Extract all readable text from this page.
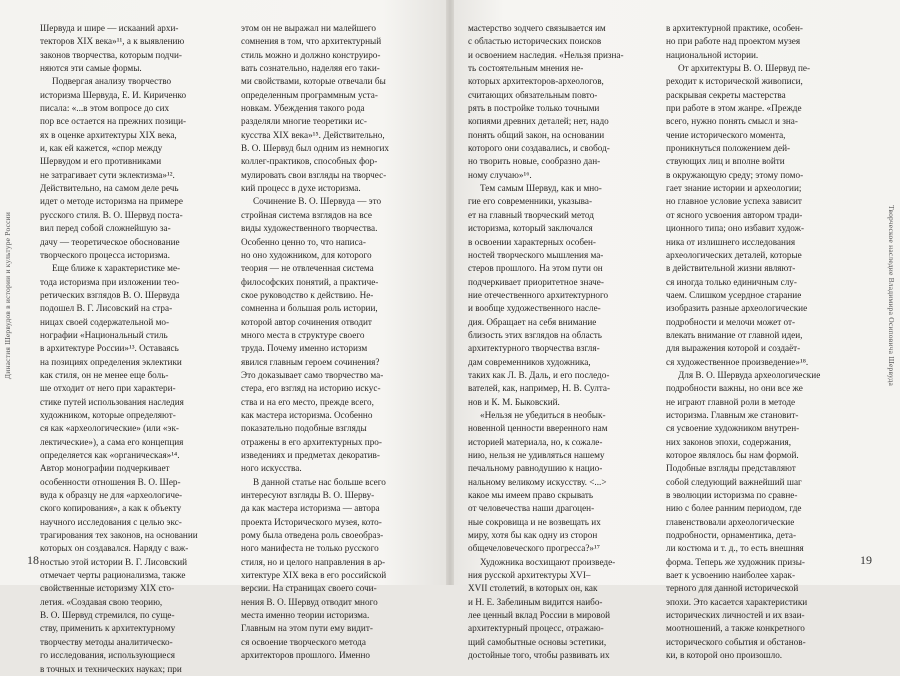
Династия Шервудов в истории и культуре России
Шервуда и шире — искаaний архи-
текторов XIX века»¹¹, а к выявлению
законов творчества, которым подчи-
няются эти самые формы.
Подвергая анализу творчество
историзма Шервуда, Е. И. Кириченко
писала: «...в этом вопросе до сих
пор все остается на прежних позици-
ях в оценке архитектуры XIX века,
и, как ей кажется, «спор между
Шервудом и его противниками
не затрагивает сути эклектизма»¹².
Действительно, на самом деле речь
идет о методе историзма на примере
русского стиля. В. О. Шервуд поста-
вил перед собой сложнейшую за-
дачу — теоретическое обоснование
творческого процесса историзма.
Еще ближе к характеристике ме-
тода историзма при изложении тео-
ретических взглядов В. О. Шервуда
подошел В. Г. Лисовский на стра-
ницах своей содержательной мо-
нографии «Национальный стиль
в архитектуре России»¹³. Оставаясь
на позициях определения эклектики
как стиля, он не менее еще боль-
ше отходит от него при характери-
стике путей использования наследия
художником, которые определяют-
ся как «археологические» (или «эк-
лектические»), а сама его концепция
определяется как «органическая»¹⁴.
Автор монографии подчеркивает
особенности отношения В. О. Шер-
вуда к образцу не для «археологиче-
ского копирования», а как к объекту
научного исследования с целью экс-
трагирования тех законов, на основании
которых он создавался. Наряду с важ-
ностью этой истории В. Г. Лисовский
отмечает черты рационализма, также
свойственные историзму XIX сто-
летия. «Создавая свою теорию,
В. О. Шервуд стремился, по суще-
ству, применить к архитектурному
творчеству методы аналитическо-
го исследования, использующиеся
в точных и технических науках; при
этом он не выражал ни малейшего
сомнения в том, что архитектурный
стиль можно и должно конструиро-
вать сознательно, наделяя его таки-
ми свойствами, которые отвечали бы
определенным программным уста-
новкам. Убеждения такого рода
разделяли многие теоретики ис-
кусства XIX века»¹⁵. Действительно,
В. О. Шервуд был одним из немногих
коллег-практиков, способных фор-
мулировать свои взгляды на творчес-
кий процесс в духе историзма.
Сочинение В. О. Шервуда — это
стройная система взглядов на все
виды художественного творчества.
Особенно ценно то, что написа-
но оно художником, для которого
теория — не отвлеченная система
философских понятий, а практиче-
ское руководство к действию. Не-
сомненна и большая роль истории,
которой автор сочинения отводит
много места в структуре своего
труда. Почему именно историзм
явился главным героем сочинения?
Это доказывает само творчество ма-
стера, его взгляд на историю искус-
ства и на его место, прежде всего,
как мастера историзма. Особенно
показательно подобные взгляды
отражены в его архитектурных про-
изведениях и предметах декоратив-
ного искусства.
В данной статье нас больше всего
интересуют взгляды В. О. Шерву-
да как мастера историзма — автора
проекта Исторического музея, кото-
рому была отведена роль своеобраз-
ного манифеста не только русского
стиля, но и целого направления в ар-
хитектуре XIX века в его российской
версии. На страницах своего сочи-
нения В. О. Шервуд отводит много
места именно теории историзма.
Главным на этом пути ему видит-
ся освоение творческого метода
архитекторов прошлого. Именно
18
мастерство зодчего связывается им
с областью исторических поисков
и освоением наследия. «Нельзя призна-
ть состоятельным мнения не-
которых архитекторов-археологов,
считающих обязательным повто-
рять в постройке только точными
копиями древних деталей; нет, надо
понять общий закон, на основании
которого они создавались, и свобод-
но творить новые, сообразно дан-
ному случаю»¹⁶.
Тем самым Шервуд, как и мно-
гие его современники, указыва-
ет на главный творческий метод
историзма, который заключался
в освоении характерных особен-
ностей творческого мышления ма-
стеров прошлого. На этом пути он
подчеркивает приоритетное значе-
ние отечественного архитектурного
и вообще художественного насле-
дия. Обращает на себя внимание
близость этих взглядов на область
архитектурного творчества взгля-
дам современников художника,
таких как Л. В. Даль, и его последо-
вателей, как, например, Н. В. Султа-
нов и К. М. Быковский.
«Нельзя не убедиться в необык-
новенной ценности вверенного нам
историей материала, но, к сожале-
нию, нельзя не удивляться нашему
печальному равнодушию к нацио-
нальному великому искусству. <...>
какое мы имеем право скрывать
от человечества наши драгоцен-
ные сокровища и не возвещать их
миру, хотя бы как одну из сторон
общечеловеческого прогресса?»¹⁷
Художника восхищают произведе-
ния русской архитектуры XVI–
XVII столетий, в которых он, как
и Н. Е. Забелиным видится наибо-
лее ценный вклад России в мировой
архитектурный процесс, отражаю-
щий самобытные основы эстетики,
достойные того, чтобы развивать их
в архитектурной практике, особен-
но при работе над проектом музея
национальной истории.
От архитектуры В. О. Шервуд пе-
реходит к исторической живописи,
раскрывая секреты мастерства
при работе в этом жанре. «Прежде
всего, нужно понять смысл и зна-
чение исторического момента,
проникнуться положением дей-
ствующих лиц и вполне войти
в окружающую среду; этому помо-
гает знание истории и археологии;
но главное условие успеха зависит
от ясного усвоения автором тради-
ционного типа; оно избавит худож-
ника от излишнего исследования
археологических деталей, которые
в действительной жизни являют-
ся иногда только единичным слу-
чаем. Слишком усердное старание
изобразить разные археологические
подробности и мелочи может от-
влекать внимание от главной идеи,
для выражения которой и создаёт-
ся художественное произведение»¹⁸.
Для В. О. Шервуда археологические
подробности важны, но они все же
не играют главной роли в методе
историзма. Главным же становит-
ся усвоение художником внутрен-
них законов эпохи, содержания,
которое являлось бы нам формой.
Подобные взгляды представляют
собой следующий важнейший шаг
в эволюции историзма по сравне-
нию с более ранним периодом, где
главенствовали археологические
подробности, орнаментика, дета-
ли костюма и т. д., то есть внешняя
форма. Теперь же художник призы-
вает к усвоению наиболее харак-
терного для данной исторической
эпохи. Это касается характеристики
исторических личностей и их взаи-
моотношений, а также конкретного
исторического события и обстанов-
ки, в которой оно произошло.
Творческое наследие Владимира Осиповича Шервуда
19
